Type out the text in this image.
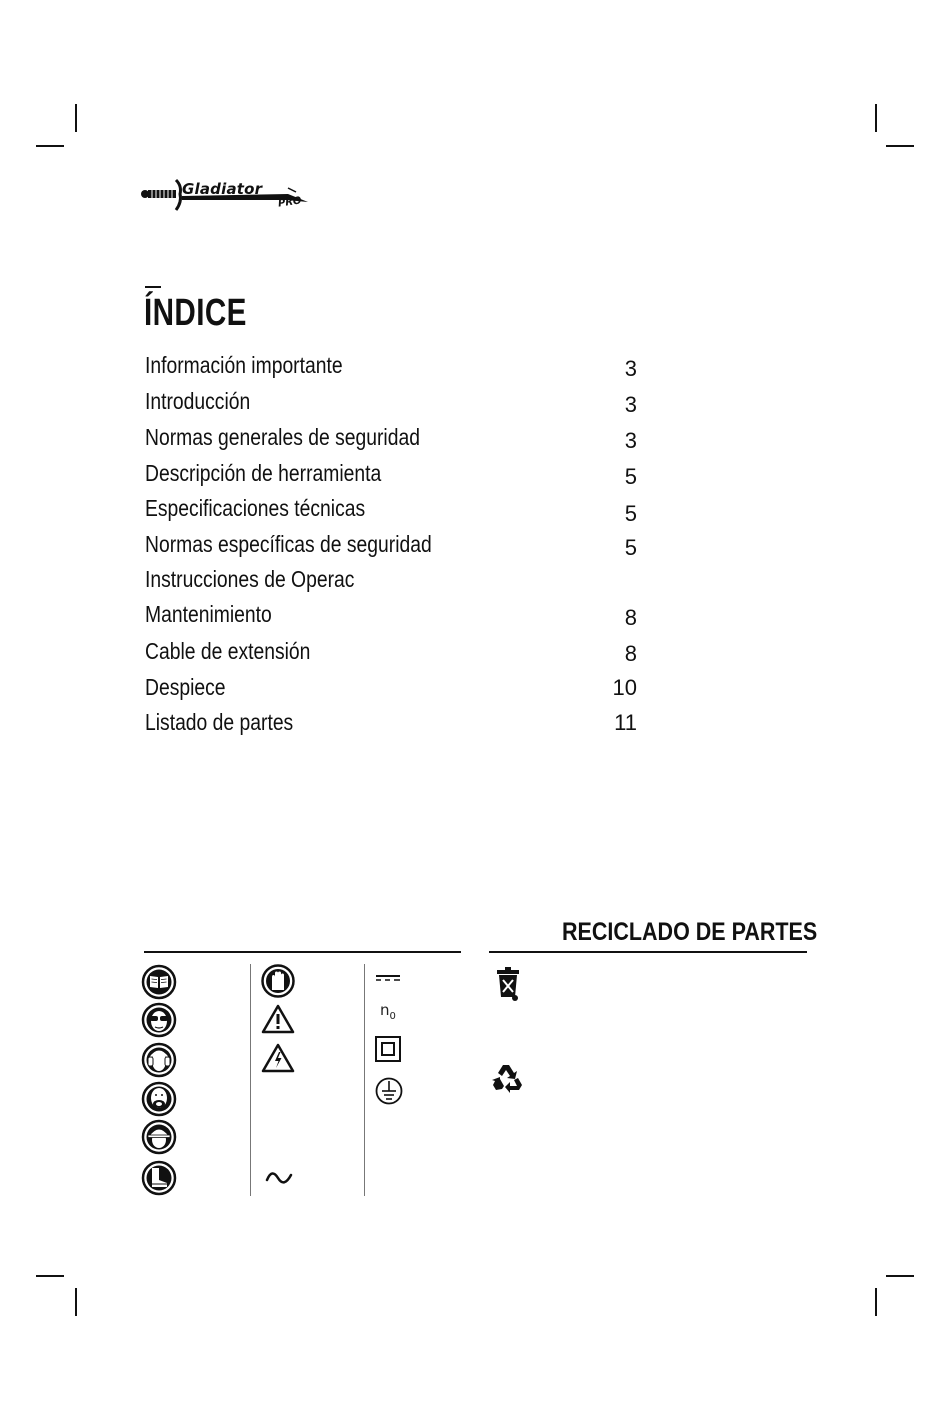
Gladiator
PRO
ÍNDICE
Información importante	3
Introducción	3
Normas generales de seguridad	3
Descripción de herramienta	5
Especificaciones técnicas	5
Normas específicas de seguridad	5
Instrucciones de Operac
Mantenimiento	8
Cable de extensión	8
Despiece	10
Listado de partes	11
RECICLADO DE PARTES
$n_0$
